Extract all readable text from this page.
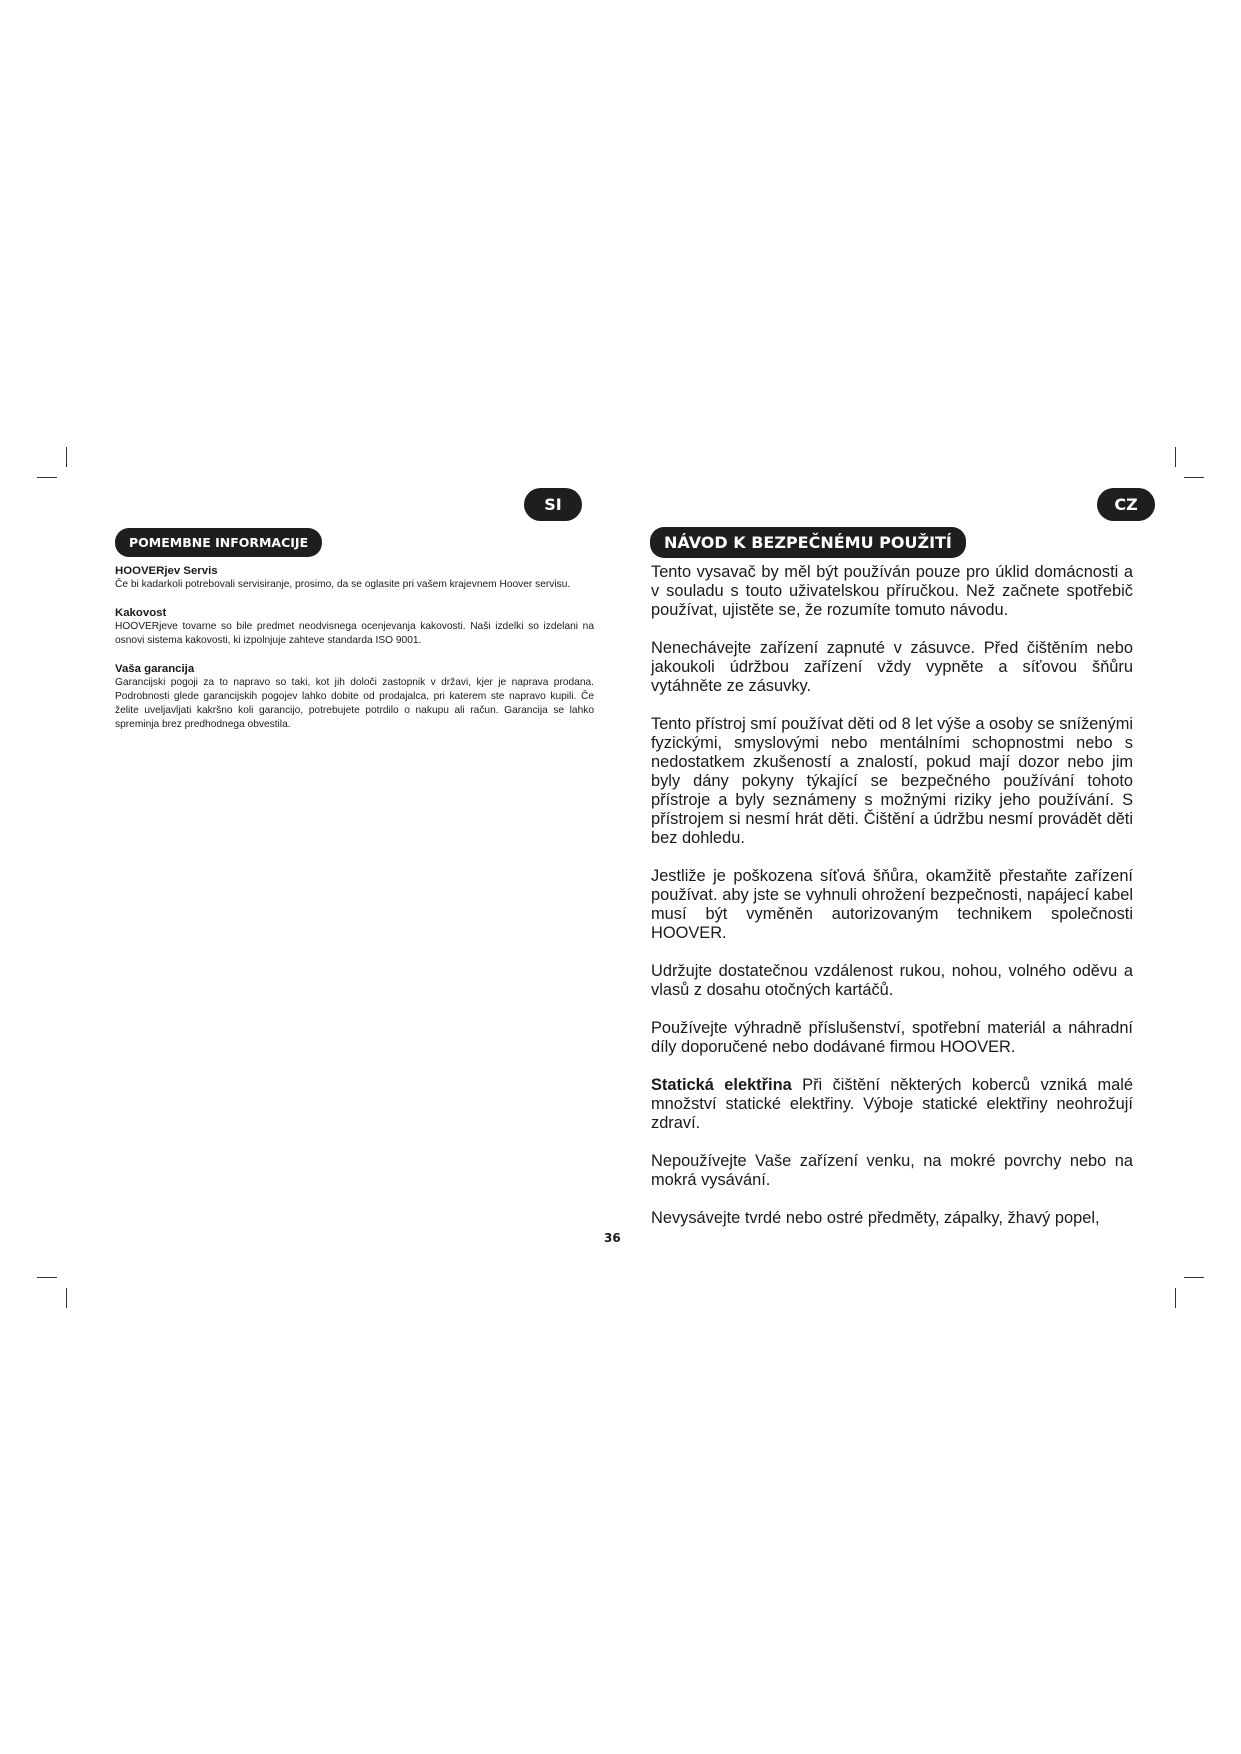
SI	CZ
POMEMBNE INFORMACIJE
HOOVERjev Servis

Če bi kadarkoli potrebovali servisiranje, prosimo, da se oglasite pri vašem krajevnem Hoover servisu.

Kakovost

HOOVERjeve tovarne so bile predmet neodvisnega ocenjevanja kakovosti. Naši izdelki so izdelani na osnovi sistema kakovosti, ki izpolnjuje zahteve standarda ISO 9001.

Vaša garancija

Garancijski pogoji za to napravo so taki, kot jih določi zastopnik v državi, kjer je naprava prodana. Podrobnosti glede garancijskih pogojev lahko dobite od prodajalca, pri katerem ste napravo kupili. Če želite uveljavljati kakršno koli garancijo, potrebujete potrdilo o nakupu ali račun. Garancija se lahko spreminja brez predhodnega obvestila.

NÁVOD K BEZPEČNÉMU POUŽITÍ

Tento vysavač by měl být používán pouze pro úklid domácnosti a v souladu s touto uživatelskou příručkou. Než začnete spotřebič používat, ujistěte se, že rozumíte tomuto návodu.

Nenechávejte zařízení zapnuté v zásuvce. Před čištěním nebo jakoukoli údržbou zařízení vždy vypněte a síťovou šňůru vytáhněte ze zásuvky.

Tento přístroj smí používat děti od 8 let výše a osoby se sníženými fyzickými, smyslovými nebo mentálními schopnostmi nebo s nedostatkem zkušeností a znalostí, pokud mají dozor nebo jim byly dány pokyny týkající se bezpečného používání tohoto přístroje a byly seznámeny s možnými riziky jeho používání. S přístrojem si nesmí hrát děti. Čištění a údržbu nesmí provádět děti bez dohledu.

Jestliže je poškozena síťová šňůra, okamžitě přestaňte zařízení používat. aby jste se vyhnuli ohrožení bezpečnosti, napájecí kabel musí být vyměněn autorizovaným technikem společnosti HOOVER.

Udržujte dostatečnou vzdálenost rukou, nohou, volného oděvu a vlasů z dosahu otočných kartáčů.

Používejte výhradně příslušenství, spotřební materiál a náhradní díly doporučené nebo dodávané firmou HOOVER.

Statická elektřina Při čištění některých koberců vzniká malé množství statické elektřiny. Výboje statické elektřiny neohrožují zdraví.

Nepoužívejte Vaše zařízení venku, na mokré povrchy nebo na mokrá vysávání.

Nevysávejte tvrdé nebo ostré předměty, zápalky, žhavý popel,

36
